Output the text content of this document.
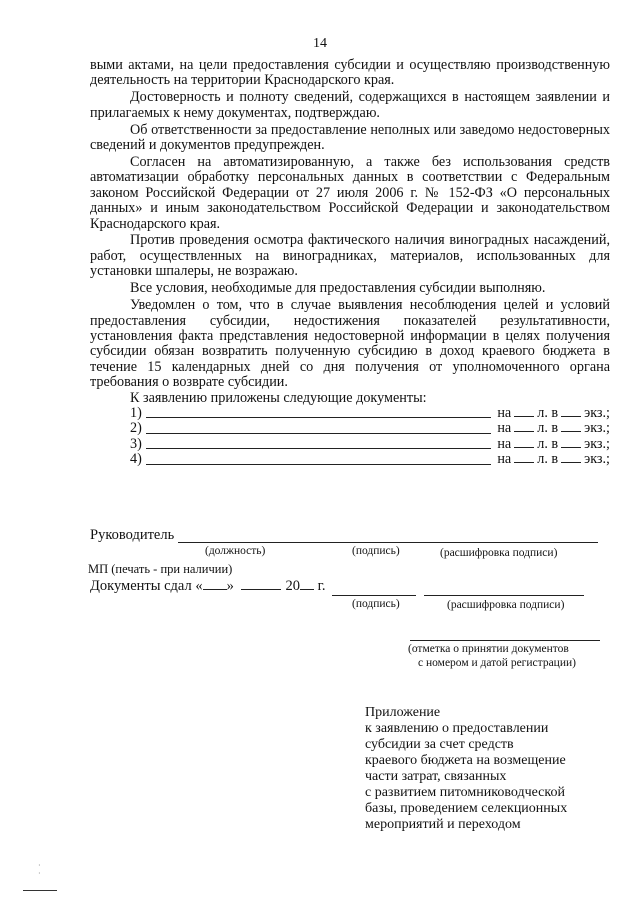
14

выми актами, на цели предоставления субсидии и осуществляю производственную деятельность на территории Краснодарского края.

Достоверность и полноту сведений, содержащихся в настоящем заявлении и прилагаемых к нему документах, подтверждаю.

Об ответственности за предоставление неполных или заведомо недостоверных сведений и документов предупрежден.

Согласен на автоматизированную, а также без использования средств автоматизации обработку персональных данных в соответствии с Федеральным законом Российской Федерации от 27 июля 2006 г. № 152-ФЗ «О персональных данных» и иным законодательством Российской Федерации и законодательством Краснодарского края.

Против проведения осмотра фактического наличия виноградных насаждений, работ, осуществленных на виноградниках, материалов, использованных для установки шпалеры, не возражаю.

Все условия, необходимые для предоставления субсидии выполняю.

Уведомлен о том, что в случае выявления несоблюдения целей и условий предоставления субсидии, недостижения показателей результативности, установления факта представления недостоверной информации в целях получения субсидии обязан возвратить полученную субсидию в доход краевого бюджета в течение 15 календарных дней со дня получения от уполномоченного органа требования о возврате субсидии.

К заявлению приложены следующие документы:
1)	на л. в экз.;
2)	на л. в экз.;
3)	на л. в экз.;
4)	на л. в экз.;
Руководитель
(должность)	(подпись)	(расшифровка подписи)
МП (печать - при наличии)
Документы сдал « »	20 г.
(подпись)	(расшифровка подписи)
(отметка о принятии документов
с номером и датой регистрации)
Приложение
к заявлению о предоставлении
субсидии за счет средств
краевого бюджета на возмещение
части затрат, связанных
с развитием питомниководческой
базы, проведением селекционных
мероприятий и переходом
·
·
